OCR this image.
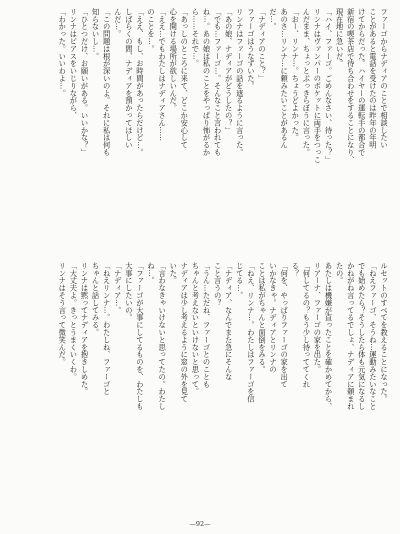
ファーゴからナディアのことで相談したい

ことがあると電話を受けたのは昨年の年明

けてからだった。ハイヤーの運転手の都合で

新宿の喫茶店で待ち合わせをすることになり、

現在地に急いだ。

「ハイ、ファーゴ。ごめんなさい、待った？」

リンナはヴァンパーのポケットに両手をつっこ

んだまま、ちょっとぶっきらぼうに言った。

「おー、リンナ…。ちょうどよかった。

あのさ…リンナ…に頼みたいことがあるん

だ…。

「ナディアのこと？」

ファーゴはうなずいた。

リンナはファーゴの話を遮るように言った。

「あの娘、ナディアがどうしたの？」

「でも…ファーゴ…。そんなこと言われても

ね…。あの娘は私のことをやっぱり怖がるか

ら……それで…。

「あっしのところに来て、どこか安心して

心を開ける場所が欲しいんだ。

「ええ…でもわたしはナディアさん……

のことを…。

「ええ、もし、お時間があったらだけど…。

しばらくの間、ナディアを預かってほしい

んだ…。

「この問題は根が深いのよ。それに私は何も

知らないし…。

「ひとつだけ、お願いがある。いいかな？」

リンナはピアスをいじりながら、

「わかった。いいわよ…。

ルセットのすべてを教えることになった。

「ねえファーゴ、そうね…運動みたいなこと

でも始めたら？そうしたら体も元気になるし

かねがね言ってるでしょ、ナディアに頼まれ

たの。

あたしは機嫌が直ったことを確かめてから、

リアーナ、ファーゴの家を出た。

「何してるの？もう少し待っててくれ

る？

「何を、やっぱりファーゴの家を出て

いかなきゃ。ナディアとリンナの

ことは私がちゃんと面倒をみる。

「ねえ、リンナ…。わたしはファーゴを信

じてる…。

「ナディア、なんでまた急にそんな

こと言うの？

「うん…ただね、ファーゴとのことも

ちゃんと考えないといけないと思って。

ナディアは少し考えるように窓の外を見て

いた。

「言わなきゃいけないと思ってたの。わたし

ね…。

「ファーゴが大事にしてるものを、わたしも

大事にしたいの。

「ナディア…。

「ねえリンナ…。わたしね、ファーゴと

ちゃんと話してみる。

リンナは黙ってナディアを抱きしめた。

「大丈夫よ。きっとうまくいくわ。

リンナはそう言って微笑んだ。

—92—
